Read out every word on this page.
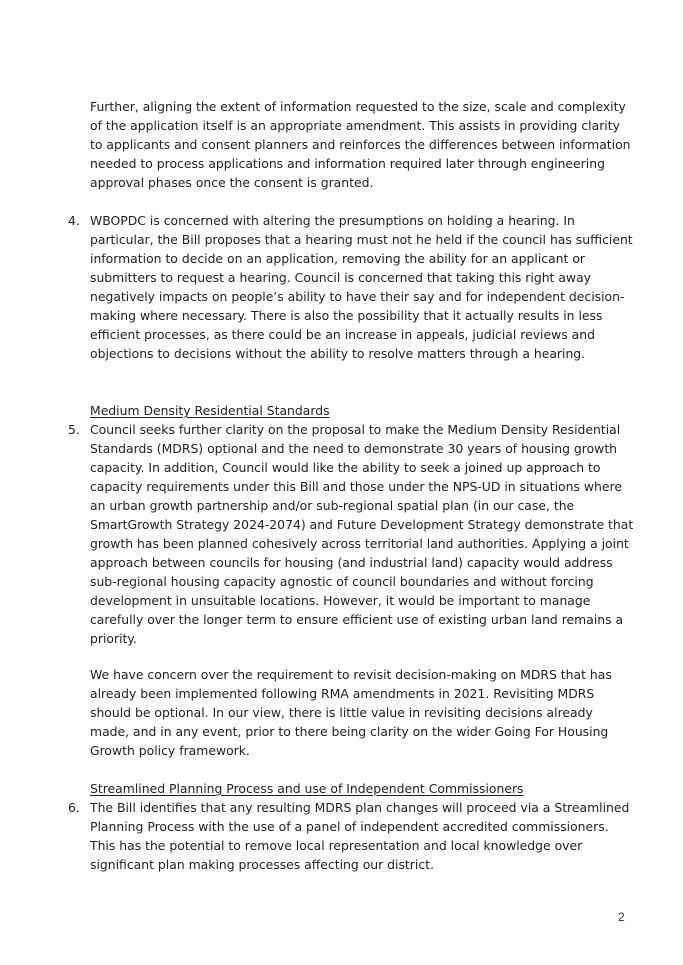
Further, aligning the extent of information requested to the size, scale and complexity of the application itself is an appropriate amendment. This assists in providing clarity to applicants and consent planners and reinforces the differences between information needed to process applications and information required later through engineering approval phases once the consent is granted.

4. WBOPDC is concerned with altering the presumptions on holding a hearing. In particular, the Bill proposes that a hearing must not he held if the council has sufficient information to decide on an application, removing the ability for an applicant or submitters to request a hearing. Council is concerned that taking this right away negatively impacts on people’s ability to have their say and for independent decision-making where necessary. There is also the possibility that it actually results in less efficient processes, as there could be an increase in appeals, judicial reviews and objections to decisions without the ability to resolve matters through a hearing.

Medium Density Residential Standards

5. Council seeks further clarity on the proposal to make the Medium Density Residential Standards (MDRS) optional and the need to demonstrate 30 years of housing growth capacity. In addition, Council would like the ability to seek a joined up approach to capacity requirements under this Bill and those under the NPS-UD in situations where an urban growth partnership and/or sub-regional spatial plan (in our case, the SmartGrowth Strategy 2024-2074) and Future Development Strategy demonstrate that growth has been planned cohesively across territorial land authorities. Applying a joint approach between councils for housing (and industrial land) capacity would address sub-regional housing capacity agnostic of council boundaries and without forcing development in unsuitable locations. However, it would be important to manage carefully over the longer term to ensure efficient use of existing urban land remains a priority.

We have concern over the requirement to revisit decision-making on MDRS that has already been implemented following RMA amendments in 2021. Revisiting MDRS should be optional. In our view, there is little value in revisiting decisions already made, and in any event, prior to there being clarity on the wider Going For Housing Growth policy framework.

Streamlined Planning Process and use of Independent Commissioners

6. The Bill identifies that any resulting MDRS plan changes will proceed via a Streamlined Planning Process with the use of a panel of independent accredited commissioners. This has the potential to remove local representation and local knowledge over significant plan making processes affecting our district.
2
